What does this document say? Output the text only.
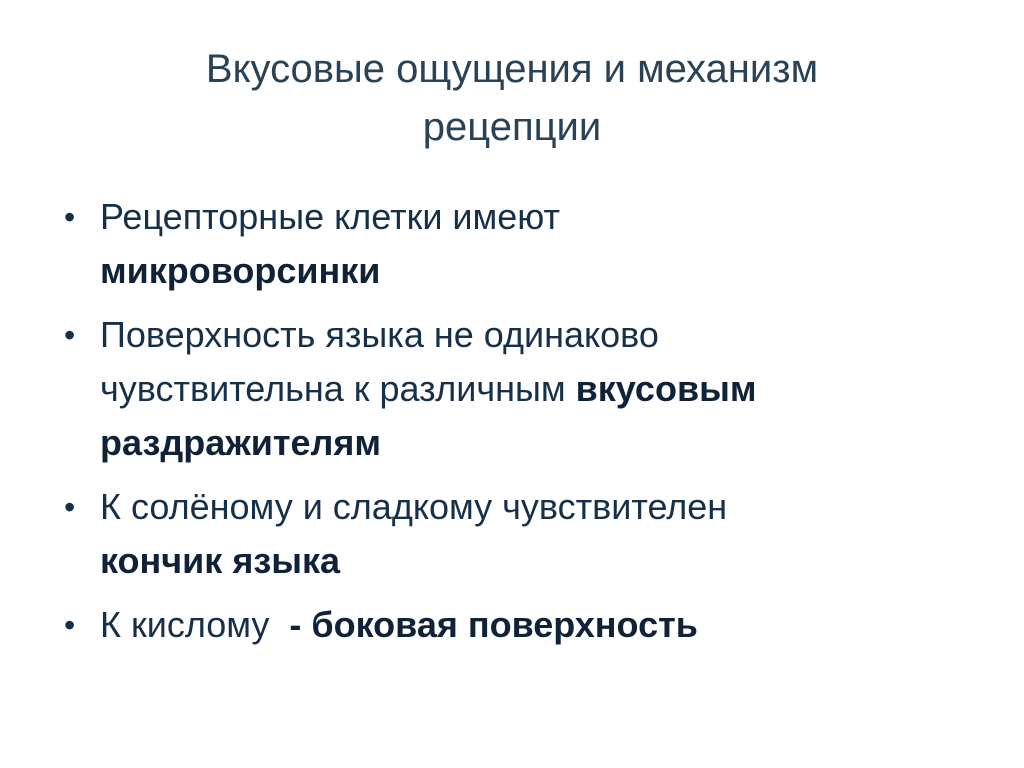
Вкусовые ощущения и механизм
рецепции
• Рецепторные клетки имеют
микроворсинки
• Поверхность языка не одинаково
чувствительна к различным вкусовым
раздражителям
• К солёному и сладкому чувствителен
кончик языка
• К кислому  - боковая поверхность
